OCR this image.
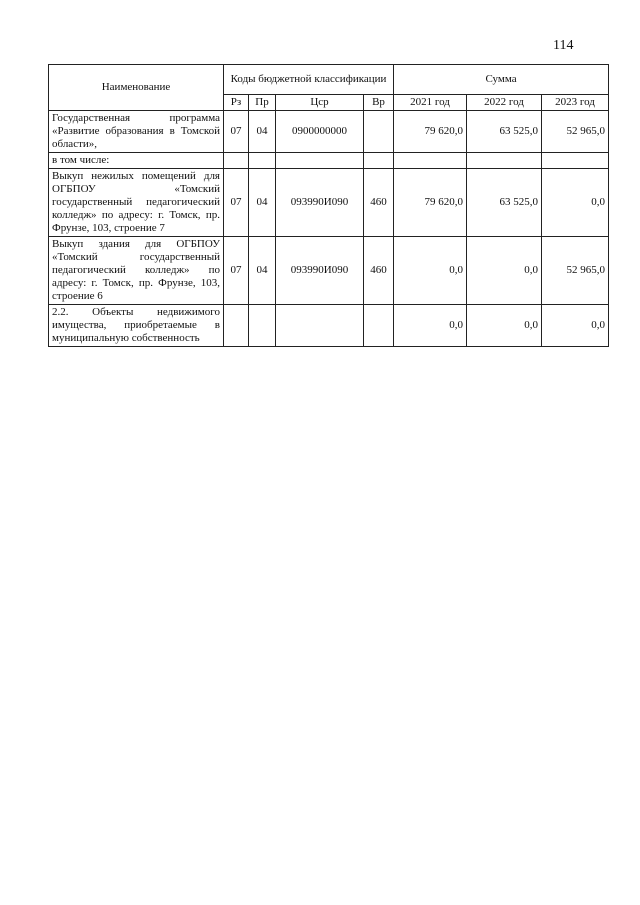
114
Наименование	Коды бюджетной классификации				Сумма		
	Рз	Пр	Цср	Вр	2021 год	2022 год	2023 год
Государственная программа «Развитие образования в Томской области»,	07	04	0900000000		79 620,0	63 525,0	52 965,0
в том числе:							
Выкуп нежилых помещений для ОГБПОУ «Томский государственный педагогический колледж» по адресу: г. Томск, пр. Фрунзе, 103, строение 7	07	04	093990И090	460	79 620,0	63 525,0	0,0
Выкуп здания для ОГБПОУ «Томский государственный педагогический колледж» по адресу: г. Томск, пр. Фрунзе, 103, строение 6	07	04	093990И090	460	0,0	0,0	52 965,0
2.2. Объекты недвижимого имущества, приобретаемые в муниципальную собственность					0,0	0,0	0,0
